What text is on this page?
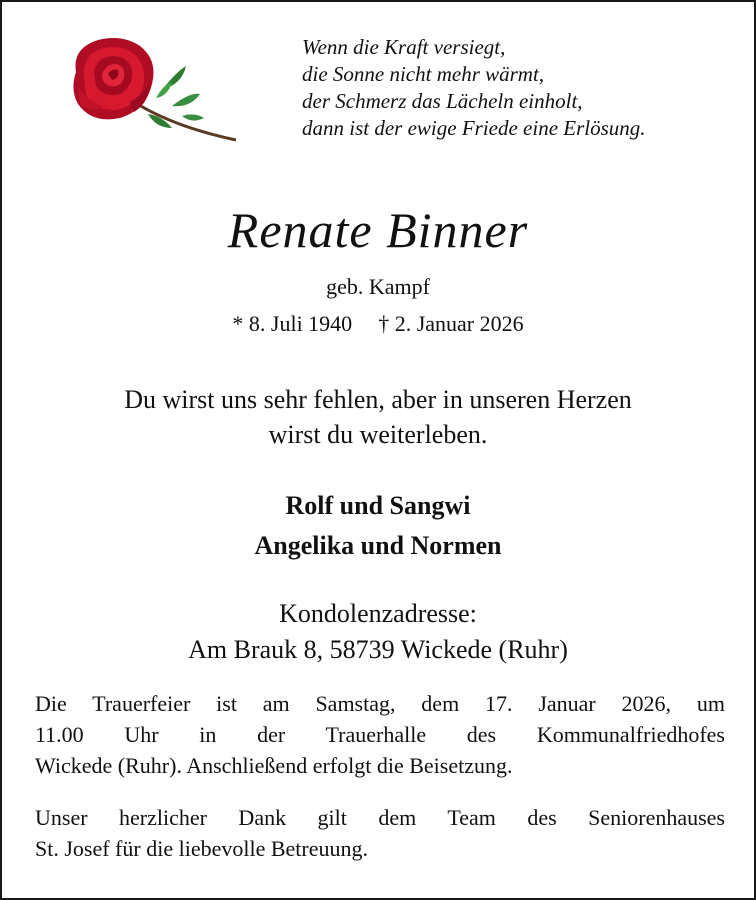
Wenn die Kraft versiegt,
die Sonne nicht mehr wärmt,
der Schmerz das Lächeln einholt,
dann ist der ewige Friede eine Erlösung.
Renate Binner
geb. Kampf
* 8. Juli 1940 † 2. Januar 2026
Du wirst uns sehr fehlen, aber in unseren Herzen
wirst du weiterleben.
Rolf und Sangwi
Angelika und Normen
Kondolenzadresse:
Am Brauk 8, 58739 Wickede (Ruhr)
Die Trauerfeier ist am Samstag, dem 17. Januar 2026, um
11.00 Uhr in der Trauerhalle des Kommunalfriedhofes
Wickede (Ruhr). Anschließend erfolgt die Beisetzung.
Unser herzlicher Dank gilt dem Team des Seniorenhauses
St. Josef für die liebevolle Betreuung.
